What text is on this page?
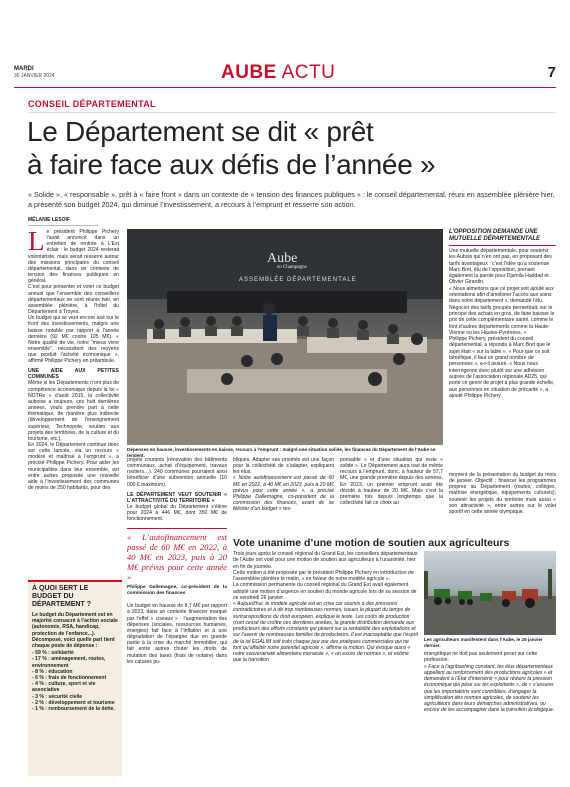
MARDI
30 JANVIER 2024	AUBE ACTU	7
CONSEIL DÉPARTEMENTAL
Le Département se dit « prêt
à faire face aux défis de l’année »
« Solide », « responsable », prêt à « faire front » dans un contexte de « tension des finances publiques » : le conseil départemental, réuni en assemblée plénière hier, a présenté son budget 2024, qui diminue l’investissement, a recours à l’emprunt et resserre son action.
MÉLANIE LESOIF

Le président Philippe Pichery l’avait annoncé dans un entretien de rentrée à L’Est éclair : le budget 2024 resterait volontariste, mais serait resserré autour des missions principales du conseil départemental, dans un contexte de tension des finances publiques en général.

C’est pour présenter et voter ce budget annuel que l’ensemble des conseillers départementaux se sont réunis hier, en assemblée plénière, à l’hôtel du Département à Troyes.

Un budget qui se veut encore axé sur le front des investissements, malgré une baisse notable par rapport à l’année dernière (92 M€ contre 105 M€). « Notre qualité de vie, notre “mieux vivre ensemble”, nécessitent des moyens que produit l’activité économique », affirmé Philippe Pichery en préambule.

UNE AIDE AUX PETITES COMMUNES

Même si les Départements n’ont plus de compétence économique depuis la loi « NOTRe » d’août 2015, la collectivité auboise a toujours, ces huit dernières années, voulu prendre part à cette thématique, de manière plus indirecte (développement de l’enseignement supérieur, Technopole, soutien aux projets des territoires, de la culture et du tourisme, etc.).

En 2024, le Département continue donc sur cette lancée, via un recours « modéré et maîtrisé à l’emprunt », a précisé Philippe Pichery. Pour aider les municipalités dans leur ensemble, est entre autres proposée une nouvelle aide à l’investissement des communes de moins de 250 habitants, pour des

Aube
en Champagne
ASSEMBLÉE DÉPARTEMENTALE
Dépenses en hausse, investissements en baisse, recours à l’emprunt : malgré une situation solide, les finances du Département de l’Aube se tendent.

projets courants (rénovation des bâtiments communaux, achat d’équipement, travaux routiers…). 240 communes pourraient ainsi bénéficier d’une subvention annuelle (10 000 € maximum).

LE DÉPARTEMENT VEUT SOUTENIR « L’ATTRACTIVITÉ DU TERRITOIRE »

Le budget global du Département s’élève pour 2024 à 446 M€, dont 350 M€ de fonctionnement.

« L’autofinancement est passé de 60 M€ en 2022, à 40 M€ en 2023, puis à 20 M€ prévus pour cette année »
Philippe Dallemagne, co-président de la commission des finances

Un budget en hausse de 8,7 M€ par rapport à 2023, dans un contexte financier marqué par l’effet « ciseaux » : l’augmentation des dépenses (sociales, ressources humaines, énergies) fait face à l’inflation et à une dégradation de l’épargne due en grande partie à la crise du marché immobilier, qui fait entre autres chuter les droits de mutation des taxes (frais de notaire) dans les caisses pu-

bliques. Adapter ses priorités est une façon pour la collectivité de s’adapter, expliquent les élus.

« Notre autofinancement est passé de 60 M€ en 2022, à 40 M€ en 2023, puis à 20 M€ prévus pour cette année », a précisé Philippe Dallemagne, co-président de la commission des finances, avant de se féliciter d’un budget « res-

ponsable » et d’une situation qui reste « solide ». Le Département aura tout de même recours à l’emprunt, donc, à hauteur de 57,7 M€, une grande première depuis des années. En 2023, un premier emprunt avait été décidé à hauteur de 20 M€. Mais c’est la première fois depuis longtemps que la collectivité fait ce choix au

L’OPPOSITION DEMANDE UNE MUTUELLE DÉPARTEMENTALE

Une mutuelle départementale, pour soutenir les Aubois qui n’en ont pas, en proposant des tarifs avantageux : c’est l’idée qu’a soutenue Marc Bret, élu de l’opposition, prenant également la parole pour Djamila Haddad et Olivier Girardin.

« Nous aimerions que ce projet soit ajouté aux orientations afin d’améliorer l’accès aux soins dans notre département », demandé l’élu. Négocier des tarifs groupés permettrait, sur le principe des achats en gros, de faire baisser le prix de cette complémentaire santé, comme le font d’autres départements comme la Haute-Vienne ou les Hautes-Pyrénées. »

Philippe Pichery, président du conseil départemental, a répondu à Marc Bret que le sujet était « sur la table ». « Pour que ce soit bénéfique, il faut un grand nombre de personnes », a-t-il assuré. « Nous nous interrogeons donc plutôt sur une adhésion auprès de l’association régionale AD25, qui porte ce genre de projet à plus grande échelle, aux personnes en situation de précarité », a ajouté Philippe Pichery.

moment de la présentation du budget du mois de janvier. Objectif : financer les programmes propres au Département (routes, collèges, maîtrise énergétique, équipements culturels), soutenir les projets du territoire mais aussi « son attractivité », entre autres sur le volet sportif en cette année olympique.

À QUOI SERT LE BUDGET DU DÉPARTEMENT ?
Le budget du Département est en majorité consacré à l’action sociale (autonomie, RSA, handicap, protection de l’enfance...). Décomposé, voici quelle part tient chaque poste de dépense :
- 59 % : solidarité
- 17 % : aménagement, routes, environnement
- 8 % : éducation
- 6 % : frais de fonctionnement
- 4 % : culture, sport et vie associative
- 3 % : sécurité civile
- 2 % : développement et tourisme
- 1 % : remboursement de la dette.
Vote unanime d’une motion de soutien aux agriculteurs

Trois jours après le conseil régional du Grand Est, les conseillers départementaux de l’Aube ont voté pour une motion de soutien aux agriculteurs à l’unanimité, hier en fin de journée.

Cette motion a été proposée par le président Philippe Pichery en introduction de l’assemblée plénière le matin, « en faveur de notre modèle agricole ».

La commission permanente du conseil régional du Grand Est avait également adopté une motion d’urgence en soutien du monde agricole lors de sa session de ce vendredi 26 janvier.

« Aujourd’hui, le modèle agricole est en crise car soumis à des pressions contradictoires et à de trop nombreuses normes, issues la plupart du temps de surtranspositions du droit européen, explique le texte. Les coûts de production n’ont cessé de croître ces dernières années, la grande distribution demande aux producteurs des efforts constants qui pèsent sur la rentabilité des exploitations et sur l’avenir de nombreuses familles de producteurs. Il est inacceptable que l’esprit de la loi EGALIM soit trahi chaque jour par des pratiques commerciales qui ne font qu’affaiblir notre potentiel agricole », affirme la motion. Qui évoque aussi « notre souveraineté alimentaire menacée », « un excès de normes », et estime que la transition

Les agriculteurs manifestent dans l’Aube, le 25 janvier dernier.

énergétique ne doit pas seulement peser sur cette profession.

« Face à l’agribashing constant, les élus départementaux appellent au renforcement des productions agricoles » et demandent à l’État d’intervenir « pour réduire la pression économique qui pèse sur les exploitants », de « s’assurer que les importations sont contrôlées, d’engager la simplification des normes agricoles, de soutenir les agriculteurs dans leurs démarches administratives, ou encore de les accompagner dans la transition écologique.
